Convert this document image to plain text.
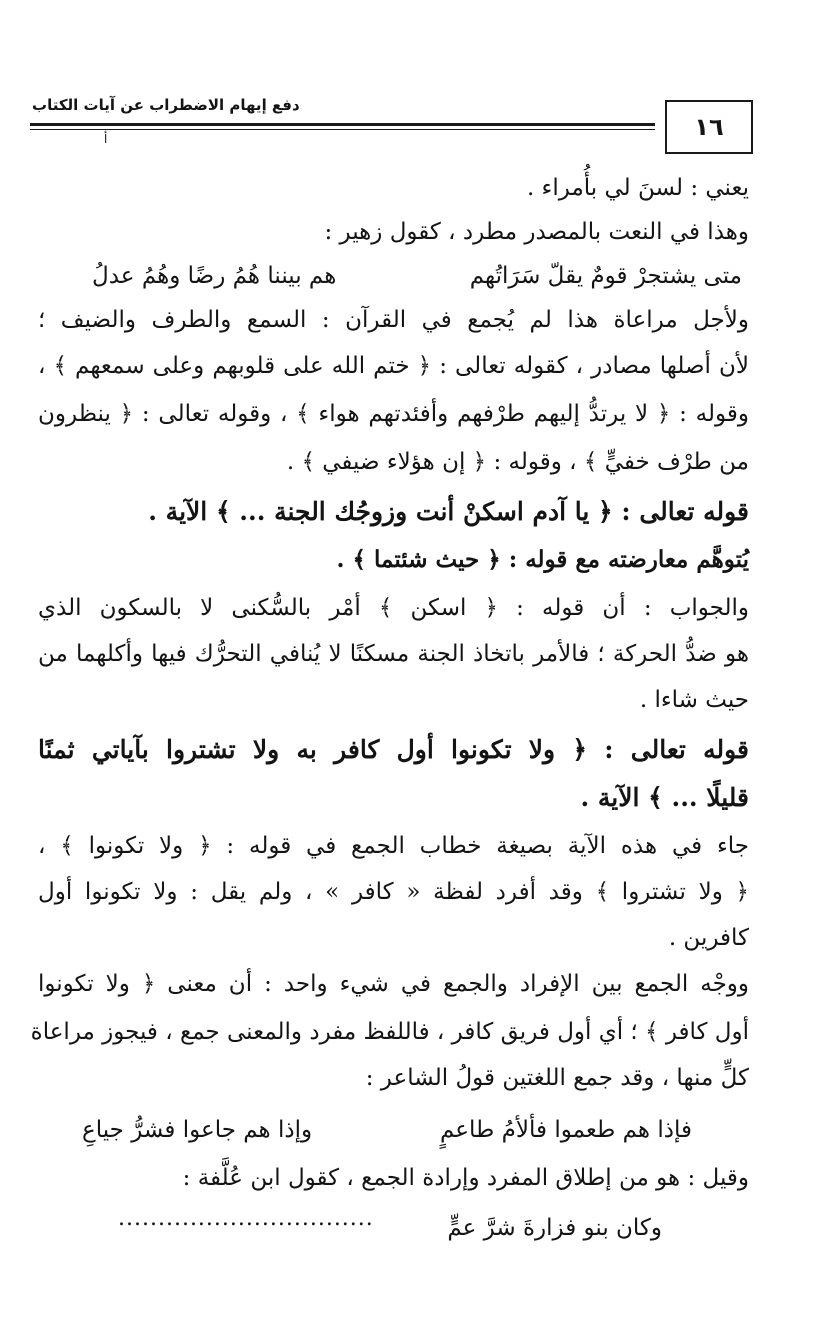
دفع إيهام الاضطراب عن آيات الكتاب
١٦
أ
يعني : لسنَ لي بأُمراء .
وهذا في النعت بالمصدر مطرد ، كقول زهير :
متى يشتجرْ قومٌ يقلّ سَرَاتُهم
هم بيننا هُمُ رضًا وهُمُ عدلُ
ولأجل مراعاة هذا لم يُجمع في القرآن : السمع والطرف والضيف ؛
لأن أصلها مصادر ، كقوله تعالى : ﴿ ختم الله على قلوبهم وعلى سمعهم ﴾ ،
وقوله : ﴿ لا يرتدُّ إليهم طرْفهم وأفئدتهم هواء ﴾ ، وقوله تعالى : ﴿ ينظرون
من طرْف خفيٍّ ﴾ ، وقوله : ﴿ إن هؤلاء ضيفي ﴾ .
قوله تعالى : ﴿ يا آدم اسكنْ أنت وزوجُك الجنة ... ﴾ الآية .
يُتوهَّم معارضته مع قوله : ﴿ حيث شئتما ﴾ .
والجواب : أن قوله : ﴿ اسكن ﴾ أمْر بالسُّكنى لا بالسكون الذي
هو ضدُّ الحركة ؛ فالأمر باتخاذ الجنة مسكنًا لا يُنافي التحرُّك فيها وأكلهما من
حيث شاءا .
قوله تعالى : ﴿ ولا تكونوا أول كافر به ولا تشتروا بآياتي ثمنًا
قليلًا ... ﴾ الآية .
جاء في هذه الآية بصيغة خطاب الجمع في قوله : ﴿ ولا تكونوا ﴾ ،
﴿ ولا تشتروا ﴾ وقد أفرد لفظة « كافر » ، ولم يقل : ولا تكونوا أول
كافرين .
ووجْه الجمع بين الإفراد والجمع في شيء واحد : أن معنى ﴿ ولا تكونوا
أول كافر ﴾ ؛ أي أول فريق كافر ، فاللفظ مفرد والمعنى جمع ، فيجوز مراعاة
كلٍّ منها ، وقد جمع اللغتين قولُ الشاعر :
فإذا هم طعموا فألأمُ طاعمٍ
وإذا هم جاعوا فشرُّ جياعِ
وقيل : هو من إطلاق المفرد وإرادة الجمع ، كقول ابن عُلَّفة :
وكان بنو فزارةَ شرَّ عمٍّ
................................
